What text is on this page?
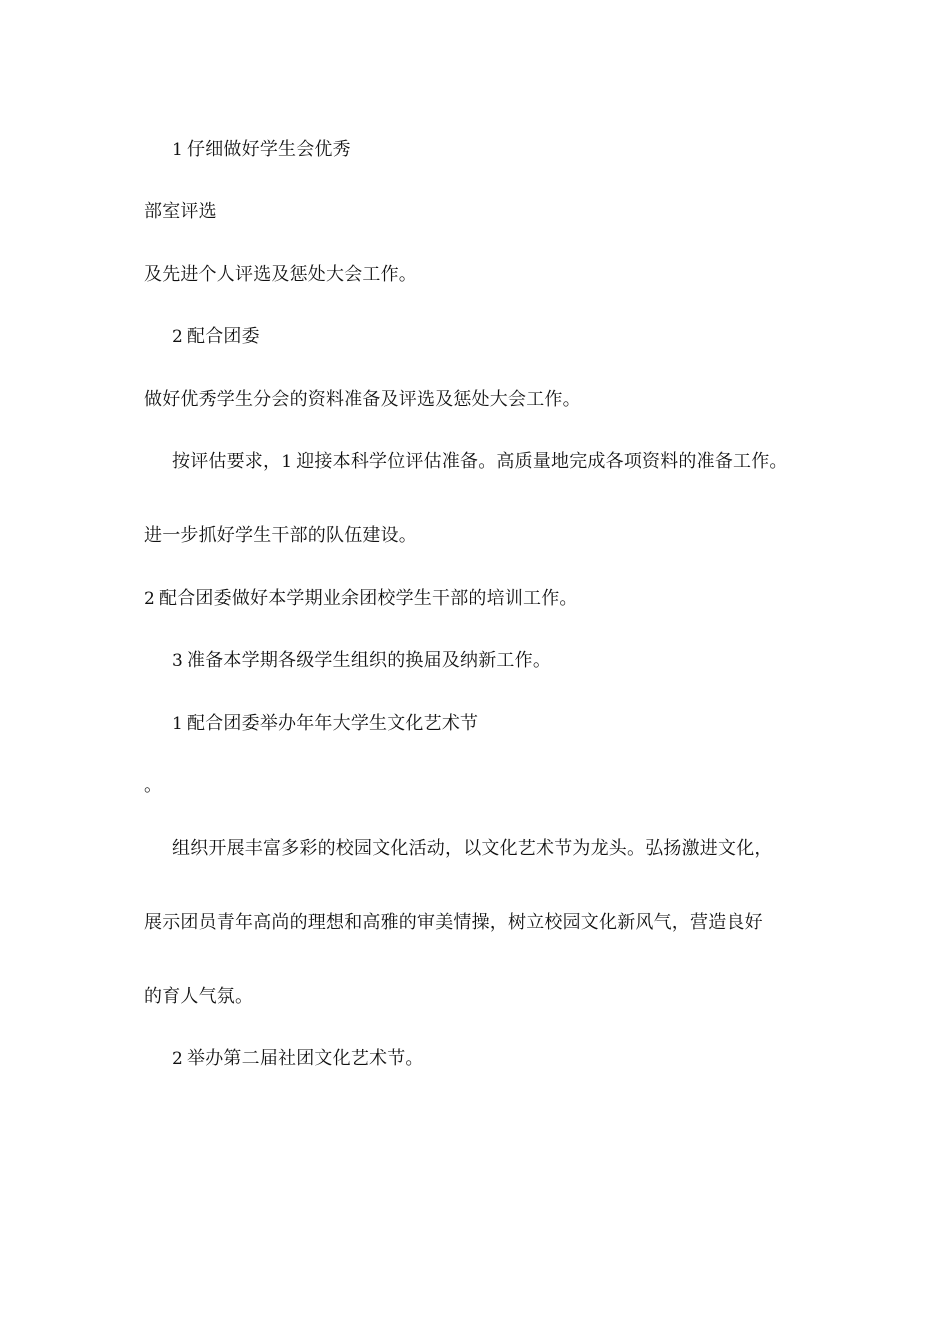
1 仔细做好学生会优秀
部室评选
及先进个人评选及惩处大会工作。
2 配合团委
做好优秀学生分会的资料准备及评选及惩处大会工作。
按评估要求，1 迎接本科学位评估准备。高质量地完成各项资料的准备工作。
进一步抓好学生干部的队伍建设。
2 配合团委做好本学期业余团校学生干部的培训工作。
3 准备本学期各级学生组织的换届及纳新工作。
1 配合团委举办年年大学生文化艺术节
。
组织开展丰富多彩的校园文化活动，以文化艺术节为龙头。弘扬激进文化，
展示团员青年高尚的理想和高雅的审美情操，树立校园文化新风气，营造良好
的育人气氛。
2 举办第二届社团文化艺术节。
